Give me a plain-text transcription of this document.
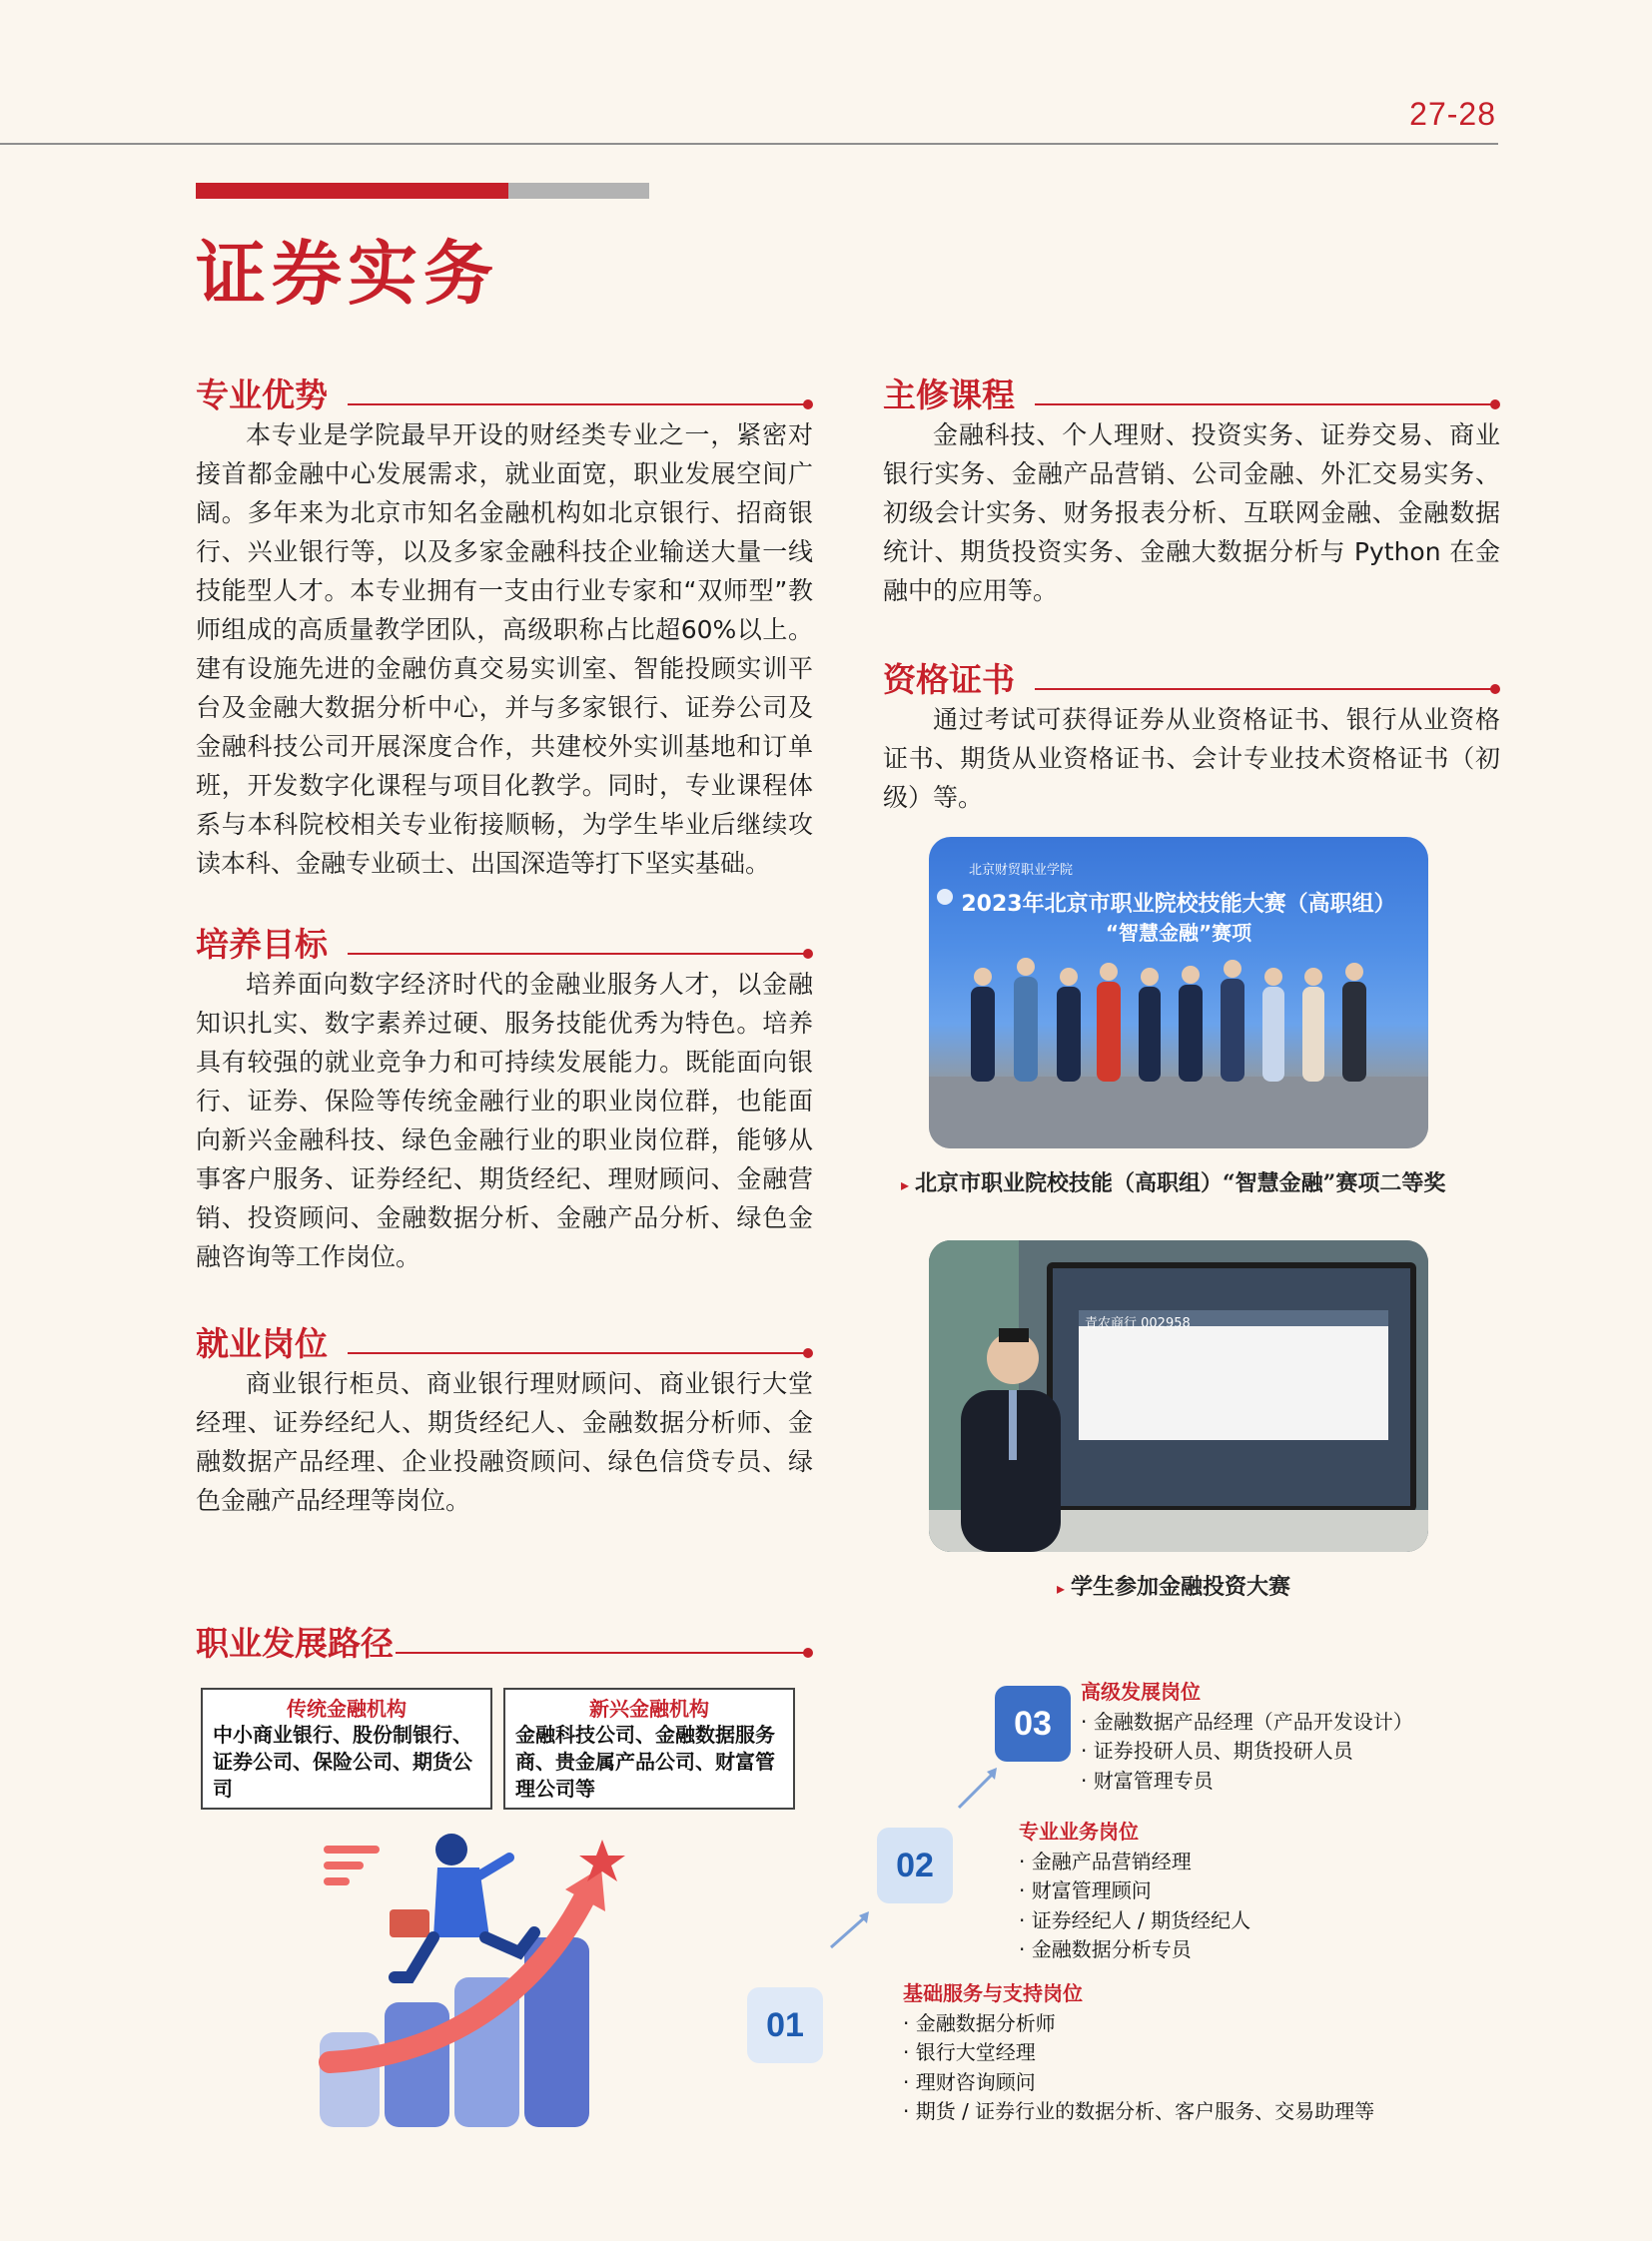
27-28
证券实务
专业优势

本专业是学院最早开设的财经类专业之一，紧密对接首都金融中心发展需求，就业面宽，职业发展空间广阔。多年来为北京市知名金融机构如北京银行、招商银行、兴业银行等，以及多家金融科技企业输送大量一线技能型人才。本专业拥有一支由行业专家和“双师型”教师组成的高质量教学团队，高级职称占比超60%以上。建有设施先进的金融仿真交易实训室、智能投顾实训平台及金融大数据分析中心，并与多家银行、证券公司及金融科技公司开展深度合作，共建校外实训基地和订单班，开发数字化课程与项目化教学。同时，专业课程体系与本科院校相关专业衔接顺畅，为学生毕业后继续攻读本科、金融专业硕士、出国深造等打下坚实基础。

培养目标

培养面向数字经济时代的金融业服务人才，以金融知识扎实、数字素养过硬、服务技能优秀为特色。培养具有较强的就业竞争力和可持续发展能力。既能面向银行、证券、保险等传统金融行业的职业岗位群，也能面向新兴金融科技、绿色金融行业的职业岗位群，能够从事客户服务、证券经纪、期货经纪、理财顾问、金融营销、投资顾问、金融数据分析、金融产品分析、绿色金融咨询等工作岗位。

就业岗位

商业银行柜员、商业银行理财顾问、商业银行大堂经理、证券经纪人、期货经纪人、金融数据分析师、金融数据产品经理、企业投融资顾问、绿色信贷专员、绿色金融产品经理等岗位。

主修课程

金融科技、个人理财、投资实务、证券交易、商业银行实务、金融产品营销、公司金融、外汇交易实务、初级会计实务、财务报表分析、互联网金融、金融数据统计、期货投资实务、金融大数据分析与 Python 在金融中的应用等。

资格证书

通过考试可获得证券从业资格证书、银行从业资格证书、期货从业资格证书、会计专业技术资格证书（初级）等。

北京财贸职业学院
2023年北京市职业院校技能大赛（高职组）
“智慧金融”赛项
▸ 北京市职业院校技能（高职组）“智慧金融”赛项二等奖
青农商行 002958
▸ 学生参加金融投资大赛
职业发展路径
传统金融机构
中小商业银行、股份制银行、证券公司、保险公司、期货公司
新兴金融机构
金融科技公司、金融数据服务商、贵金属产品公司、财富管理公司等
01
02
03
高级发展岗位
· 金融数据产品经理（产品开发设计）
· 证券投研人员、期货投研人员
· 财富管理专员
专业业务岗位
· 金融产品营销经理
· 财富管理顾问
· 证券经纪人 / 期货经纪人
· 金融数据分析专员
基础服务与支持岗位
· 金融数据分析师
· 银行大堂经理
· 理财咨询顾问
· 期货 / 证券行业的数据分析、客户服务、交易助理等
